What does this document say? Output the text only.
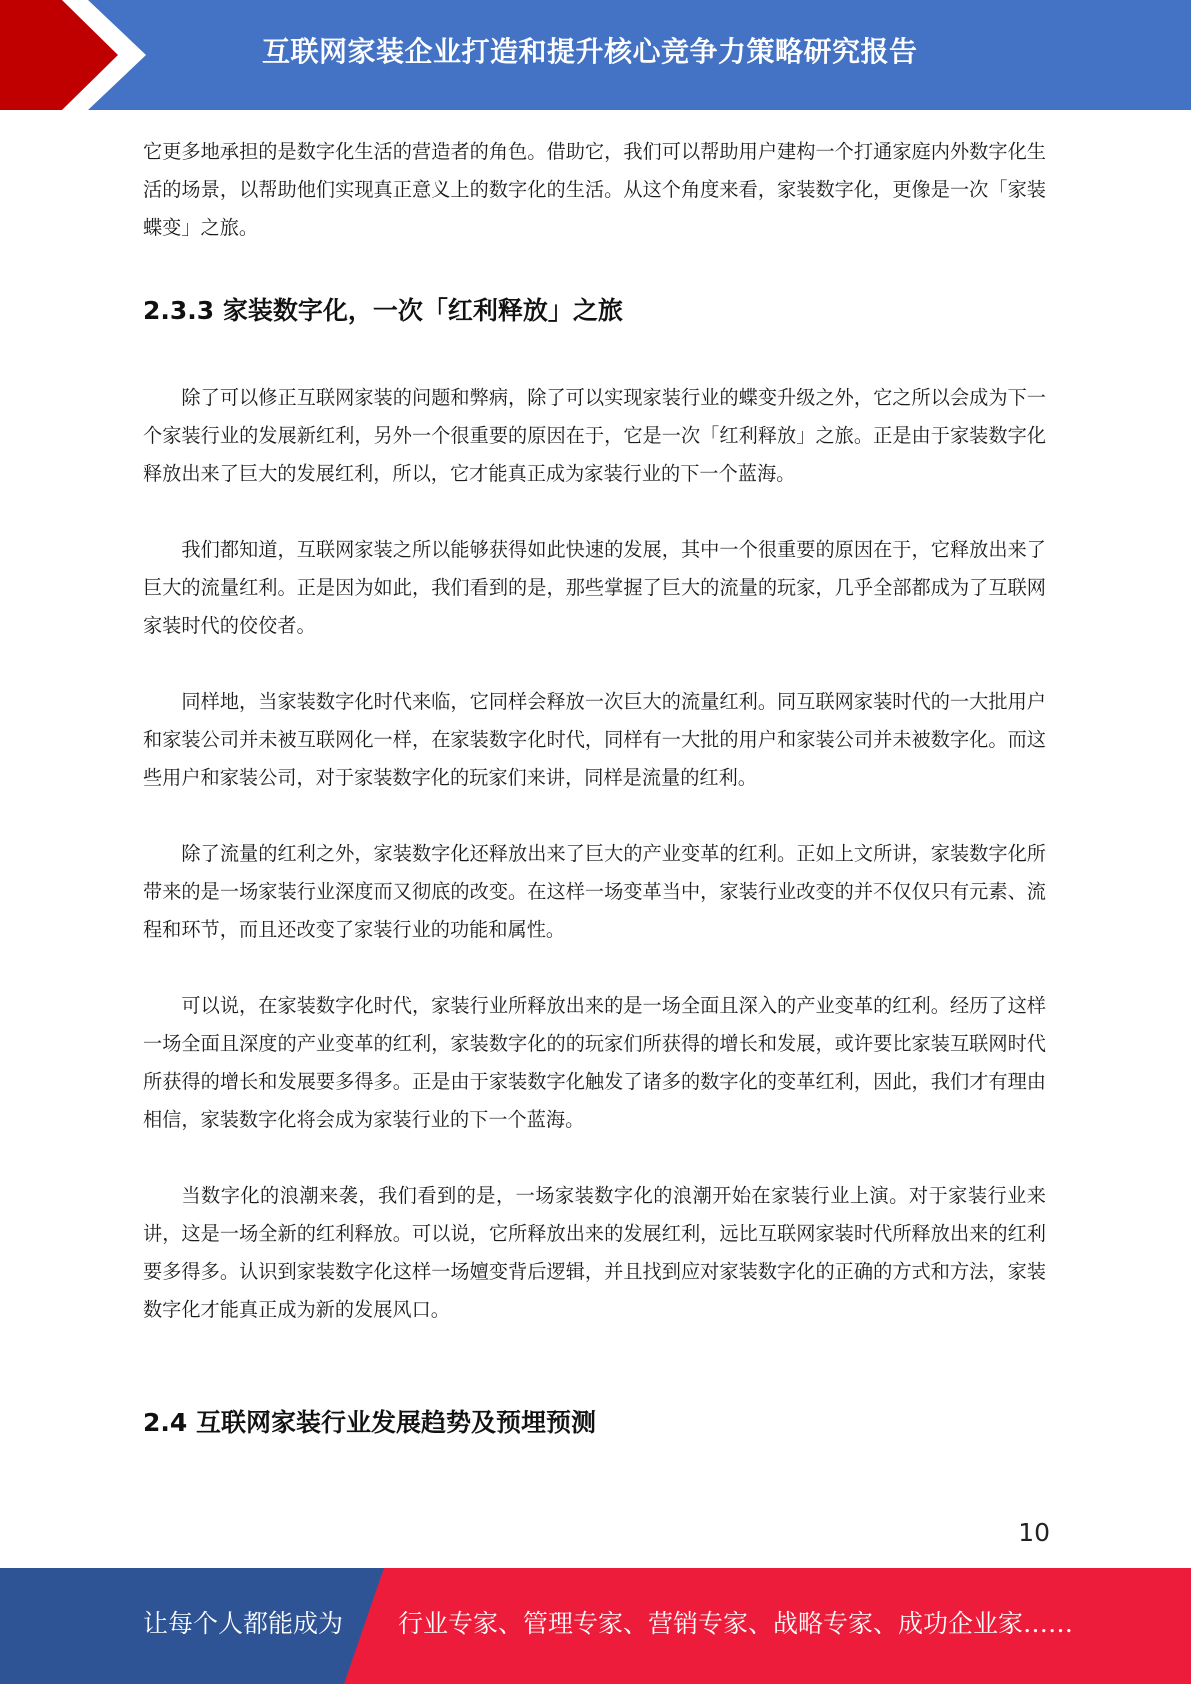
互联网家装企业打造和提升核心竞争力策略研究报告

它更多地承担的是数字化生活的营造者的角色。借助它，我们可以帮助用户建构一个打通家庭内外数字化生活的场景，以帮助他们实现真正意义上的数字化的生活。从这个角度来看，家装数字化，更像是一次「家装蝶变」之旅。

2.3.3 家装数字化，一次「红利释放」之旅

除了可以修正互联网家装的问题和弊病，除了可以实现家装行业的蝶变升级之外，它之所以会成为下一个家装行业的发展新红利，另外一个很重要的原因在于，它是一次「红利释放」之旅。正是由于家装数字化释放出来了巨大的发展红利，所以，它才能真正成为家装行业的下一个蓝海。

我们都知道，互联网家装之所以能够获得如此快速的发展，其中一个很重要的原因在于，它释放出来了巨大的流量红利。正是因为如此，我们看到的是，那些掌握了巨大的流量的玩家，几乎全部都成为了互联网家装时代的佼佼者。

同样地，当家装数字化时代来临，它同样会释放一次巨大的流量红利。同互联网家装时代的一大批用户和家装公司并未被互联网化一样，在家装数字化时代，同样有一大批的用户和家装公司并未被数字化。而这些用户和家装公司，对于家装数字化的玩家们来讲，同样是流量的红利。

除了流量的红利之外，家装数字化还释放出来了巨大的产业变革的红利。正如上文所讲，家装数字化所带来的是一场家装行业深度而又彻底的改变。在这样一场变革当中，家装行业改变的并不仅仅只有元素、流程和环节，而且还改变了家装行业的功能和属性。

可以说，在家装数字化时代，家装行业所释放出来的是一场全面且深入的产业变革的红利。经历了这样一场全面且深度的产业变革的红利，家装数字化的的玩家们所获得的增长和发展，或许要比家装互联网时代所获得的增长和发展要多得多。正是由于家装数字化触发了诸多的数字化的变革红利，因此，我们才有理由相信，家装数字化将会成为家装行业的下一个蓝海。

当数字化的浪潮来袭，我们看到的是，一场家装数字化的浪潮开始在家装行业上演。对于家装行业来讲，这是一场全新的红利释放。可以说，它所释放出来的发展红利，远比互联网家装时代所释放出来的红利要多得多。认识到家装数字化这样一场嬗变背后逻辑，并且找到应对家装数字化的正确的方式和方法，家装数字化才能真正成为新的发展风口。

2.4 互联网家装行业发展趋势及预埋预测
10
让每个人都能成为 行业专家、管理专家、营销专家、战略专家、成功企业家……
